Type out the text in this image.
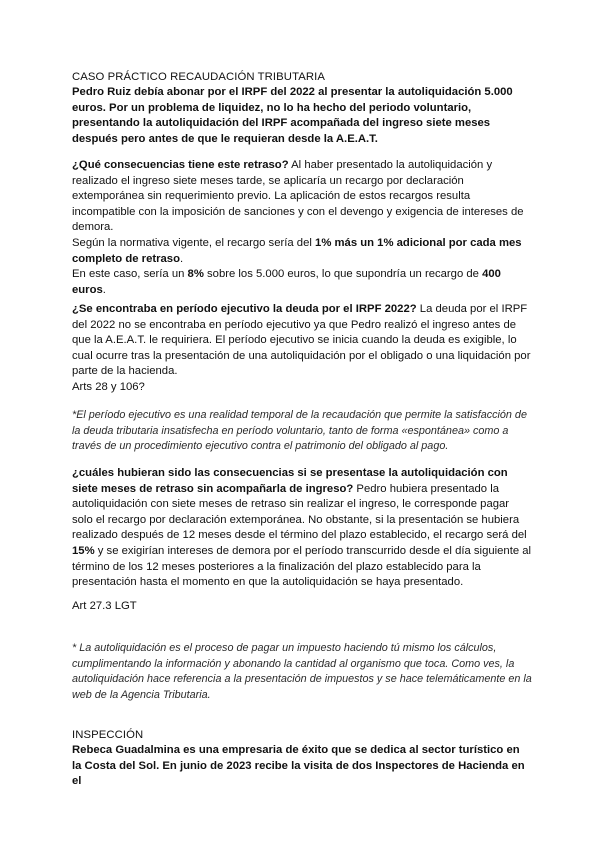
CASO PRÁCTICO RECAUDACIÓN TRIBUTARIA

Pedro Ruiz debía abonar por el IRPF del 2022 al presentar la autoliquidación 5.000 euros. Por un problema de liquidez, no lo ha hecho del periodo voluntario, presentando la autoliquidación del IRPF acompañada del ingreso siete meses después pero antes de que le requieran desde la A.E.A.T.

¿Qué consecuencias tiene este retraso? Al haber presentado la autoliquidación y realizado el ingreso siete meses tarde, se aplicaría un recargo por declaración extemporánea sin requerimiento previo. La aplicación de estos recargos resulta incompatible con la imposición de sanciones y con el devengo y exigencia de intereses de demora.

Según la normativa vigente, el recargo sería del 1% más un 1% adicional por cada mes completo de retraso.

En este caso, sería un 8% sobre los 5.000 euros, lo que supondría un recargo de 400 euros.

¿Se encontraba en período ejecutivo la deuda por el IRPF 2022? La deuda por el IRPF del 2022 no se encontraba en período ejecutivo ya que Pedro realizó el ingreso antes de que la A.E.A.T. le requiriera. El período ejecutivo se inicia cuando la deuda es exigible, lo cual ocurre tras la presentación de una autoliquidación por el obligado o una liquidación por parte de la hacienda.

Arts 28 y 106?

*El período ejecutivo es una realidad temporal de la recaudación que permite la satisfacción de la deuda tributaria insatisfecha en período voluntario, tanto de forma «espontánea» como a través de un procedimiento ejecutivo contra el patrimonio del obligado al pago.

¿cuáles hubieran sido las consecuencias si se presentase la autoliquidación con siete meses de retraso sin acompañarla de ingreso? Pedro hubiera presentado la autoliquidación con siete meses de retraso sin realizar el ingreso, le corresponde pagar solo el recargo por declaración extemporánea. No obstante, si la presentación se hubiera realizado después de 12 meses desde el término del plazo establecido, el recargo será del 15% y se exigirían intereses de demora por el período transcurrido desde el día siguiente al término de los 12 meses posteriores a la finalización del plazo establecido para la presentación hasta el momento en que la autoliquidación se haya presentado.

Art 27.3 LGT

* La autoliquidación es el proceso de pagar un impuesto haciendo tú mismo los cálculos, cumplimentando la información y abonando la cantidad al organismo que toca. Como ves, la autoliquidación hace referencia a la presentación de impuestos y se hace telemáticamente en la web de la Agencia Tributaria.

INSPECCIÓN

Rebeca Guadalmina es una empresaria de éxito que se dedica al sector turístico en la Costa del Sol. En junio de 2023 recibe la visita de dos Inspectores de Hacienda en el
